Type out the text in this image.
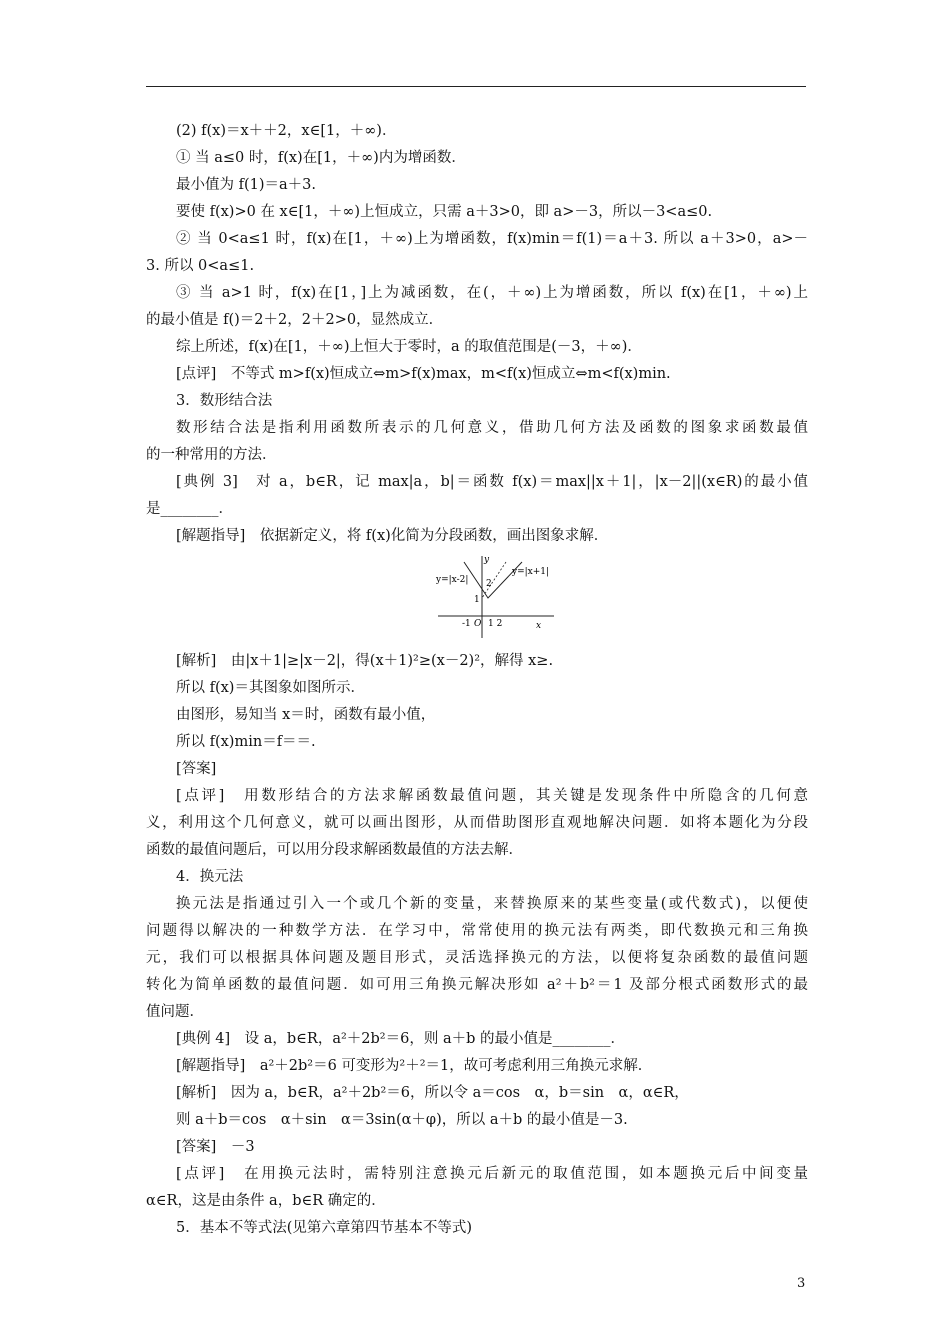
(2) f(x)＝x＋＋2，x∈[1，＋∞)．
① 当 a≤0 时，f(x)在[1，＋∞)内为增函数．
最小值为 f(1)＝a＋3.
要使 f(x)>0 在 x∈[1，＋∞)上恒成立，只需 a＋3>0，即 a>－3，所以－3<a≤0.
② 当 0<a≤1 时，f(x)在[1，＋∞)上为增函数，f(x)min＝f(1)＝a＋3. 所以 a＋3>0，a>－
3. 所以 0<a≤1.
③ 当 a>1 时，f(x)在[1，]上为减函数，在(，＋∞)上为增函数，所以 f(x)在[1，＋∞)上
的最小值是 f()＝2＋2，2＋2>0，显然成立．
综上所述，f(x)在[1，＋∞)上恒大于零时，a 的取值范围是(－3，＋∞)．
[点评]　不等式 m>f(x)恒成立⇔m>f(x)max，m<f(x)恒成立⇔m<f(x)min.
3．数形结合法
数形结合法是指利用函数所表示的几何意义，借助几何方法及函数的图象求函数最值
的一种常用的方法．
[典例 3]　对 a，b∈R，记 max|a，b|＝函数 f(x)＝max||x＋1|，|x－2||(x∈R)的最小值
是________．
[解题指导]　依据新定义，将 f(x)化简为分段函数，画出图象求解．
y=|x-2|
y=|x+1|
y
x
2
1
-1 O 1 2
[解析]　由|x＋1|≥|x－2|，得(x＋1)²≥(x－2)²，解得 x≥.
所以 f(x)＝其图象如图所示．
由图形，易知当 x＝时，函数有最小值，
所以 f(x)min＝f＝＝.
[答案]
[点评]　用数形结合的方法求解函数最值问题，其关键是发现条件中所隐含的几何意
义，利用这个几何意义，就可以画出图形，从而借助图形直观地解决问题．如将本题化为分段
函数的最值问题后，可以用分段求解函数最值的方法去解．
4．换元法
换元法是指通过引入一个或几个新的变量，来替换原来的某些变量(或代数式)，以便使
问题得以解决的一种数学方法．在学习中，常常使用的换元法有两类，即代数换元和三角换
元，我们可以根据具体问题及题目形式，灵活选择换元的方法，以便将复杂函数的最值问题
转化为简单函数的最值问题．如可用三角换元解决形如 a²＋b²＝1 及部分根式函数形式的最
值问题．
[典例 4]　设 a，b∈R，a²＋2b²＝6，则 a＋b 的最小值是________．
[解题指导]　a²＋2b²＝6 可变形为²＋²＝1，故可考虑利用三角换元求解．
[解析]　因为 a，b∈R，a²＋2b²＝6，所以令 a＝cos　α，b＝sin　α，α∈R，
则 a＋b＝cos　α＋sin　α＝3sin(α＋φ)，所以 a＋b 的最小值是－3.
[答案]　－3
[点评]　在用换元法时，需特别注意换元后新元的取值范围，如本题换元后中间变量
α∈R，这是由条件 a，b∈R 确定的．
5．基本不等式法(见第六章第四节基本不等式)
3
